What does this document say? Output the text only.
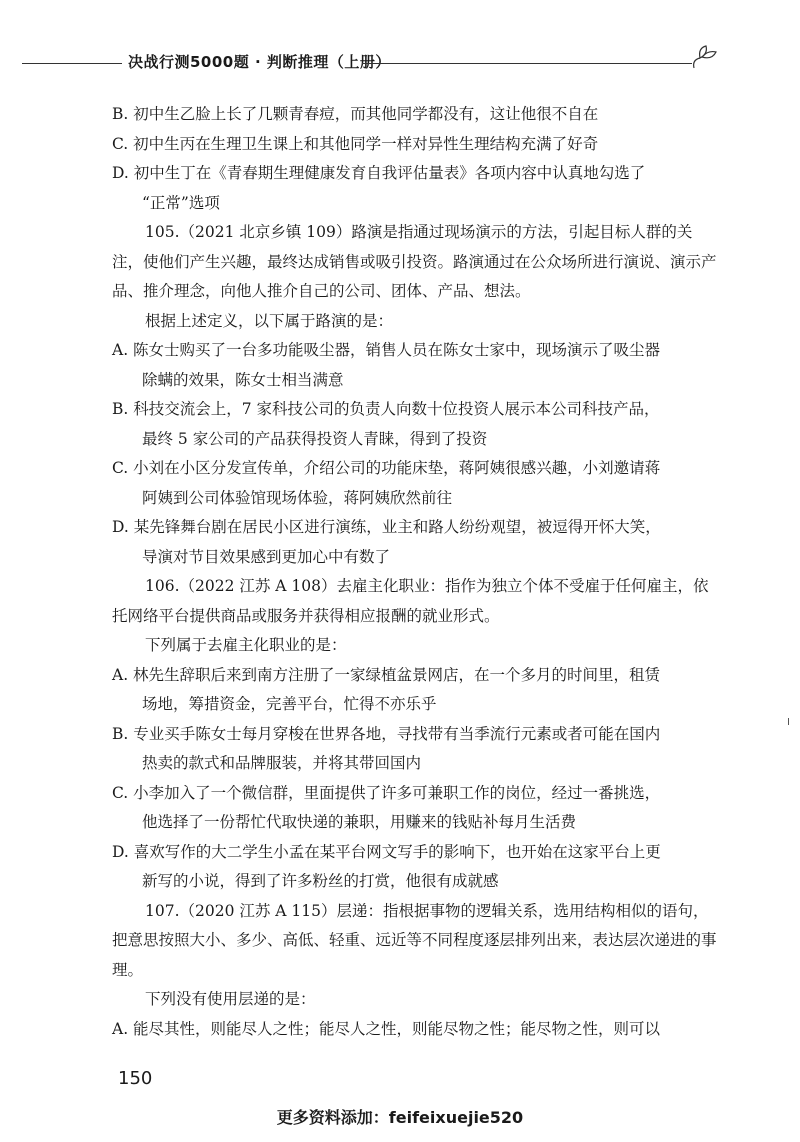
决战行测5000题 · 判断推理（上册）

B. 初中生乙脸上长了几颗青春痘，而其他同学都没有，这让他很不自在

C. 初中生丙在生理卫生课上和其他同学一样对异性生理结构充满了好奇

D. 初中生丁在《青春期生理健康发育自我评估量表》各项内容中认真地勾选了
“正常”选项

105.（2021 北京乡镇 109）路演是指通过现场演示的方法，引起目标人群的关注，使他们产生兴趣，最终达成销售或吸引投资。路演通过在公众场所进行演说、演示产品、推介理念，向他人推介自己的公司、团体、产品、想法。

根据上述定义，以下属于路演的是：

A. 陈女士购买了一台多功能吸尘器，销售人员在陈女士家中，现场演示了吸尘器
除螨的效果，陈女士相当满意

B. 科技交流会上，7 家科技公司的负责人向数十位投资人展示本公司科技产品，
最终 5 家公司的产品获得投资人青睐，得到了投资

C. 小刘在小区分发宣传单，介绍公司的功能床垫，蒋阿姨很感兴趣，小刘邀请蒋
阿姨到公司体验馆现场体验，蒋阿姨欣然前往

D. 某先锋舞台剧在居民小区进行演练，业主和路人纷纷观望，被逗得开怀大笑，
导演对节目效果感到更加心中有数了

106.（2022 江苏 A 108）去雇主化职业：指作为独立个体不受雇于任何雇主，依托网络平台提供商品或服务并获得相应报酬的就业形式。

下列属于去雇主化职业的是：

A. 林先生辞职后来到南方注册了一家绿植盆景网店，在一个多月的时间里，租赁
场地，筹措资金，完善平台，忙得不亦乐乎

B. 专业买手陈女士每月穿梭在世界各地，寻找带有当季流行元素或者可能在国内
热卖的款式和品牌服装，并将其带回国内

C. 小李加入了一个微信群，里面提供了许多可兼职工作的岗位，经过一番挑选，
他选择了一份帮忙代取快递的兼职，用赚来的钱贴补每月生活费

D. 喜欢写作的大二学生小孟在某平台网文写手的影响下，也开始在这家平台上更
新写的小说，得到了许多粉丝的打赏，他很有成就感

107.（2020 江苏 A 115）层递：指根据事物的逻辑关系，选用结构相似的语句，把意思按照大小、多少、高低、轻重、远近等不同程度逐层排列出来，表达层次递进的事理。

下列没有使用层递的是：

A. 能尽其性，则能尽人之性；能尽人之性，则能尽物之性；能尽物之性，则可以

150
更多资料添加：feifeixuejie520
